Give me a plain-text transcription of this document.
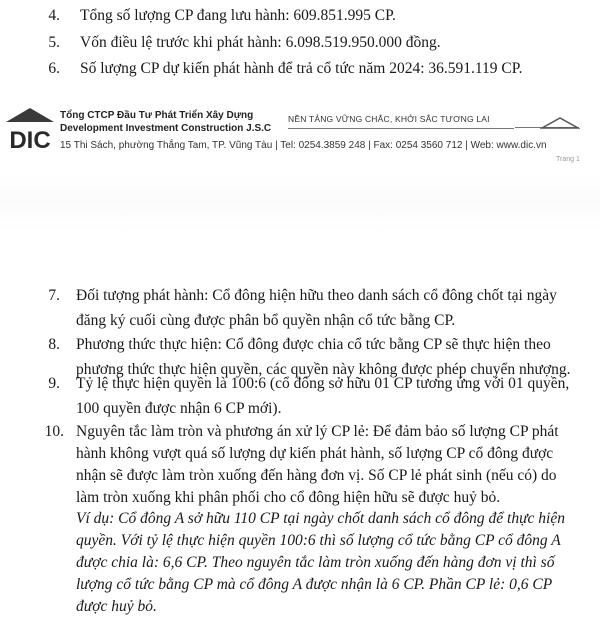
4. Tổng số lượng CP đang lưu hành: 609.851.995 CP.
5. Vốn điều lệ trước khi phát hành: 6.098.519.950.000 đồng.
6. Số lượng CP dự kiến phát hành để trả cổ tức năm 2024: 36.591.119 CP.
DIC
Tổng CTCP Đầu Tư Phát Triển Xây Dựng
Development Investment Construction J.S.C
15 Thi Sách, phường Thắng Tam, TP. Vũng Tàu | Tel: 0254.3859 248 | Fax: 0254 3560 712 | Web: www.dic.vn
NỀN TẢNG VỮNG CHẮC, KHỞI SẮC TƯƠNG LAI
Trang 1
7. Đối tượng phát hành: Cổ đông hiện hữu theo danh sách cổ đông chốt tại ngày
đăng ký cuối cùng được phân bổ quyền nhận cổ tức bằng CP.
8. Phương thức thực hiện: Cổ đông được chia cổ tức bằng CP sẽ thực hiện theo
phương thức thực hiện quyền, các quyền này không được phép chuyển nhượng.
9. Tỷ lệ thực hiện quyền là 100:6 (cổ đông sở hữu 01 CP tương ứng với 01 quyền,
100 quyền được nhận 6 CP mới).
10. Nguyên tắc làm tròn và phương án xử lý CP lẻ: Để đảm bảo số lượng CP phát
hành không vượt quá số lượng dự kiến phát hành, số lượng CP cổ đông được
nhận sẽ được làm tròn xuống đến hàng đơn vị. Số CP lẻ phát sinh (nếu có) do
làm tròn xuống khi phân phối cho cổ đông hiện hữu sẽ được huỷ bỏ.
Ví dụ: Cổ đông A sở hữu 110 CP tại ngày chốt danh sách cổ đông để thực hiện
quyền. Với tỷ lệ thực hiện quyền 100:6 thì số lượng cổ tức bằng CP cổ đông A
được chia là: 6,6 CP. Theo nguyên tắc làm tròn xuống đến hàng đơn vị thì số
lượng cổ tức bằng CP mà cổ đông A được nhận là 6 CP. Phần CP lẻ: 0,6 CP
được huỷ bỏ.
